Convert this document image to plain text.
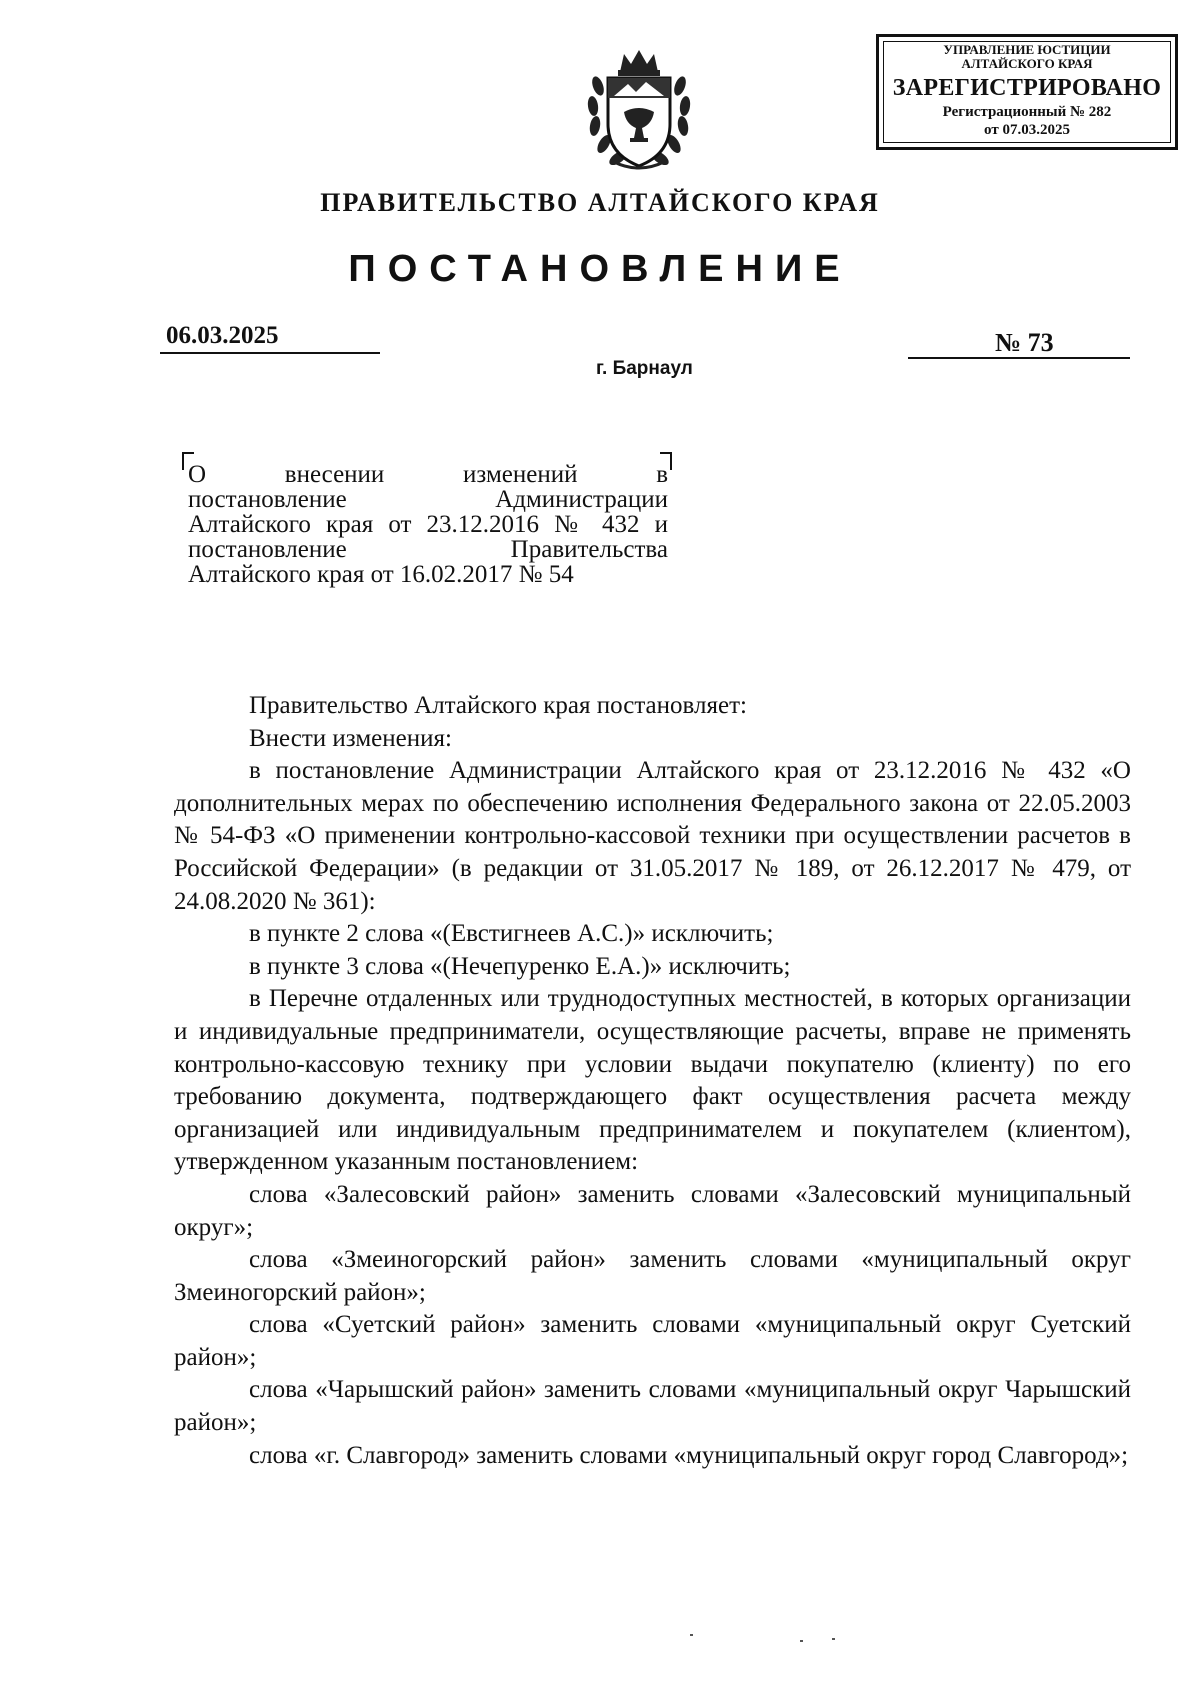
УПРАВЛЕНИЕ ЮСТИЦИИ
АЛТАЙСКОГО КРАЯ
ЗАРЕГИСТРИРОВАНО
Регистрационный № 282
от 07.03.2025
ПРАВИТЕЛЬСТВО АЛТАЙСКОГО КРАЯ
ПОСТАНОВЛЕНИЕ
06.03.2025	№ 73
г. Барнаул
О внесении изменений в
постановление Администрации
Алтайского края от 23.12.2016 № 432 и
постановление Правительства
Алтайского края от 16.02.2017 № 54

Правительство Алтайского края постановляет:

Внести изменения:

в постановление Администрации Алтайского края от 23.12.2016 № 432 «О дополнительных мерах по обеспечению исполнения Федерального закона от 22.05.2003 № 54-ФЗ «О применении контрольно-кассовой техники при осуществлении расчетов в Российской Федерации» (в редакции от 31.05.2017 № 189, от 26.12.2017 № 479, от 24.08.2020 № 361):

в пункте 2 слова «(Евстигнеев А.С.)» исключить;

в пункте 3 слова «(Нечепуренко Е.А.)» исключить;

в Перечне отдаленных или труднодоступных местностей, в которых организации и индивидуальные предприниматели, осуществляющие расчеты, вправе не применять контрольно-кассовую технику при условии выдачи покупателю (клиенту) по его требованию документа, подтверждающего факт осуществления расчета между организацией или индивидуальным предпринимателем и покупателем (клиентом), утвержденном указанным постановлением:

слова «Залесовский район» заменить словами «Залесовский муниципальный округ»;

слова «Змеиногорский район» заменить словами «муниципальный округ Змеиногорский район»;

слова «Суетский район» заменить словами «муниципальный округ Суетский район»;

слова «Чарышский район» заменить словами «муниципальный округ Чарышский район»;

слова «г. Славгород» заменить словами «муниципальный округ город Славгород»;
